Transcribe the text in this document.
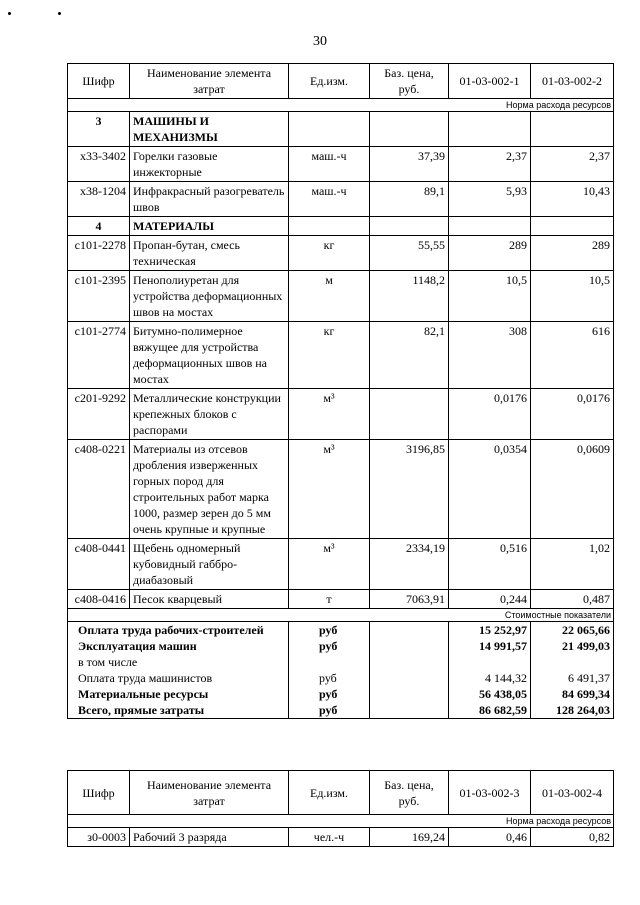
30
Шифр	Наименование элемента затрат	Ед.изм.	Баз. цена, руб.	01-03-002-1	01-03-002-2
Норма расхода ресурсов					
3	МАШИНЫ И МЕХАНИЗМЫ				
х33-3402	Горелки газовые инжекторные	маш.-ч	37,39	2,37	2,37
х38-1204	Инфракрасный разогреватель швов	маш.-ч	89,1	5,93	10,43
4	МАТЕРИАЛЫ				
с101-2278	Пропан-бутан, смесь техническая	кг	55,55	289	289
с101-2395	Пенополиуретан для устройства деформационных швов на мостах	м	1148,2	10,5	10,5
с101-2774	Битумно-полимерное вяжущее для устройства деформационных швов на мостах	кг	82,1	308	616
с201-9292	Металлические конструкции крепежных блоков с распорами	м³		0,0176	0,0176
с408-0221	Материалы из отсевов дробления изверженных горных пород для строительных работ марка 1000, размер зерен до 5 мм очень крупные и крупные	м³	3196,85	0,0354	0,0609
с408-0441	Щебень одномерный кубовидный габбро-диабазовый	м³	2334,19	0,516	1,02
с408-0416	Песок кварцевый	т	7063,91	0,244	0,487
Стоимостные показатели					
Оплата труда рабочих-строителей		руб		15 252,97	22 065,66
Эксплуатация машин		руб		14 991,57	21 499,03
в том числе					
Оплата труда машинистов		руб		4 144,32	6 491,37
Материальные ресурсы		руб		56 438,05	84 699,34
Всего, прямые затраты		руб		86 682,59	128 264,03
Шифр	Наименование элемента затрат	Ед.изм.	Баз. цена, руб.	01-03-002-3	01-03-002-4
Норма расхода ресурсов					
з0-0003	Рабочий 3 разряда	чел.-ч	169,24	0,46	0,82
